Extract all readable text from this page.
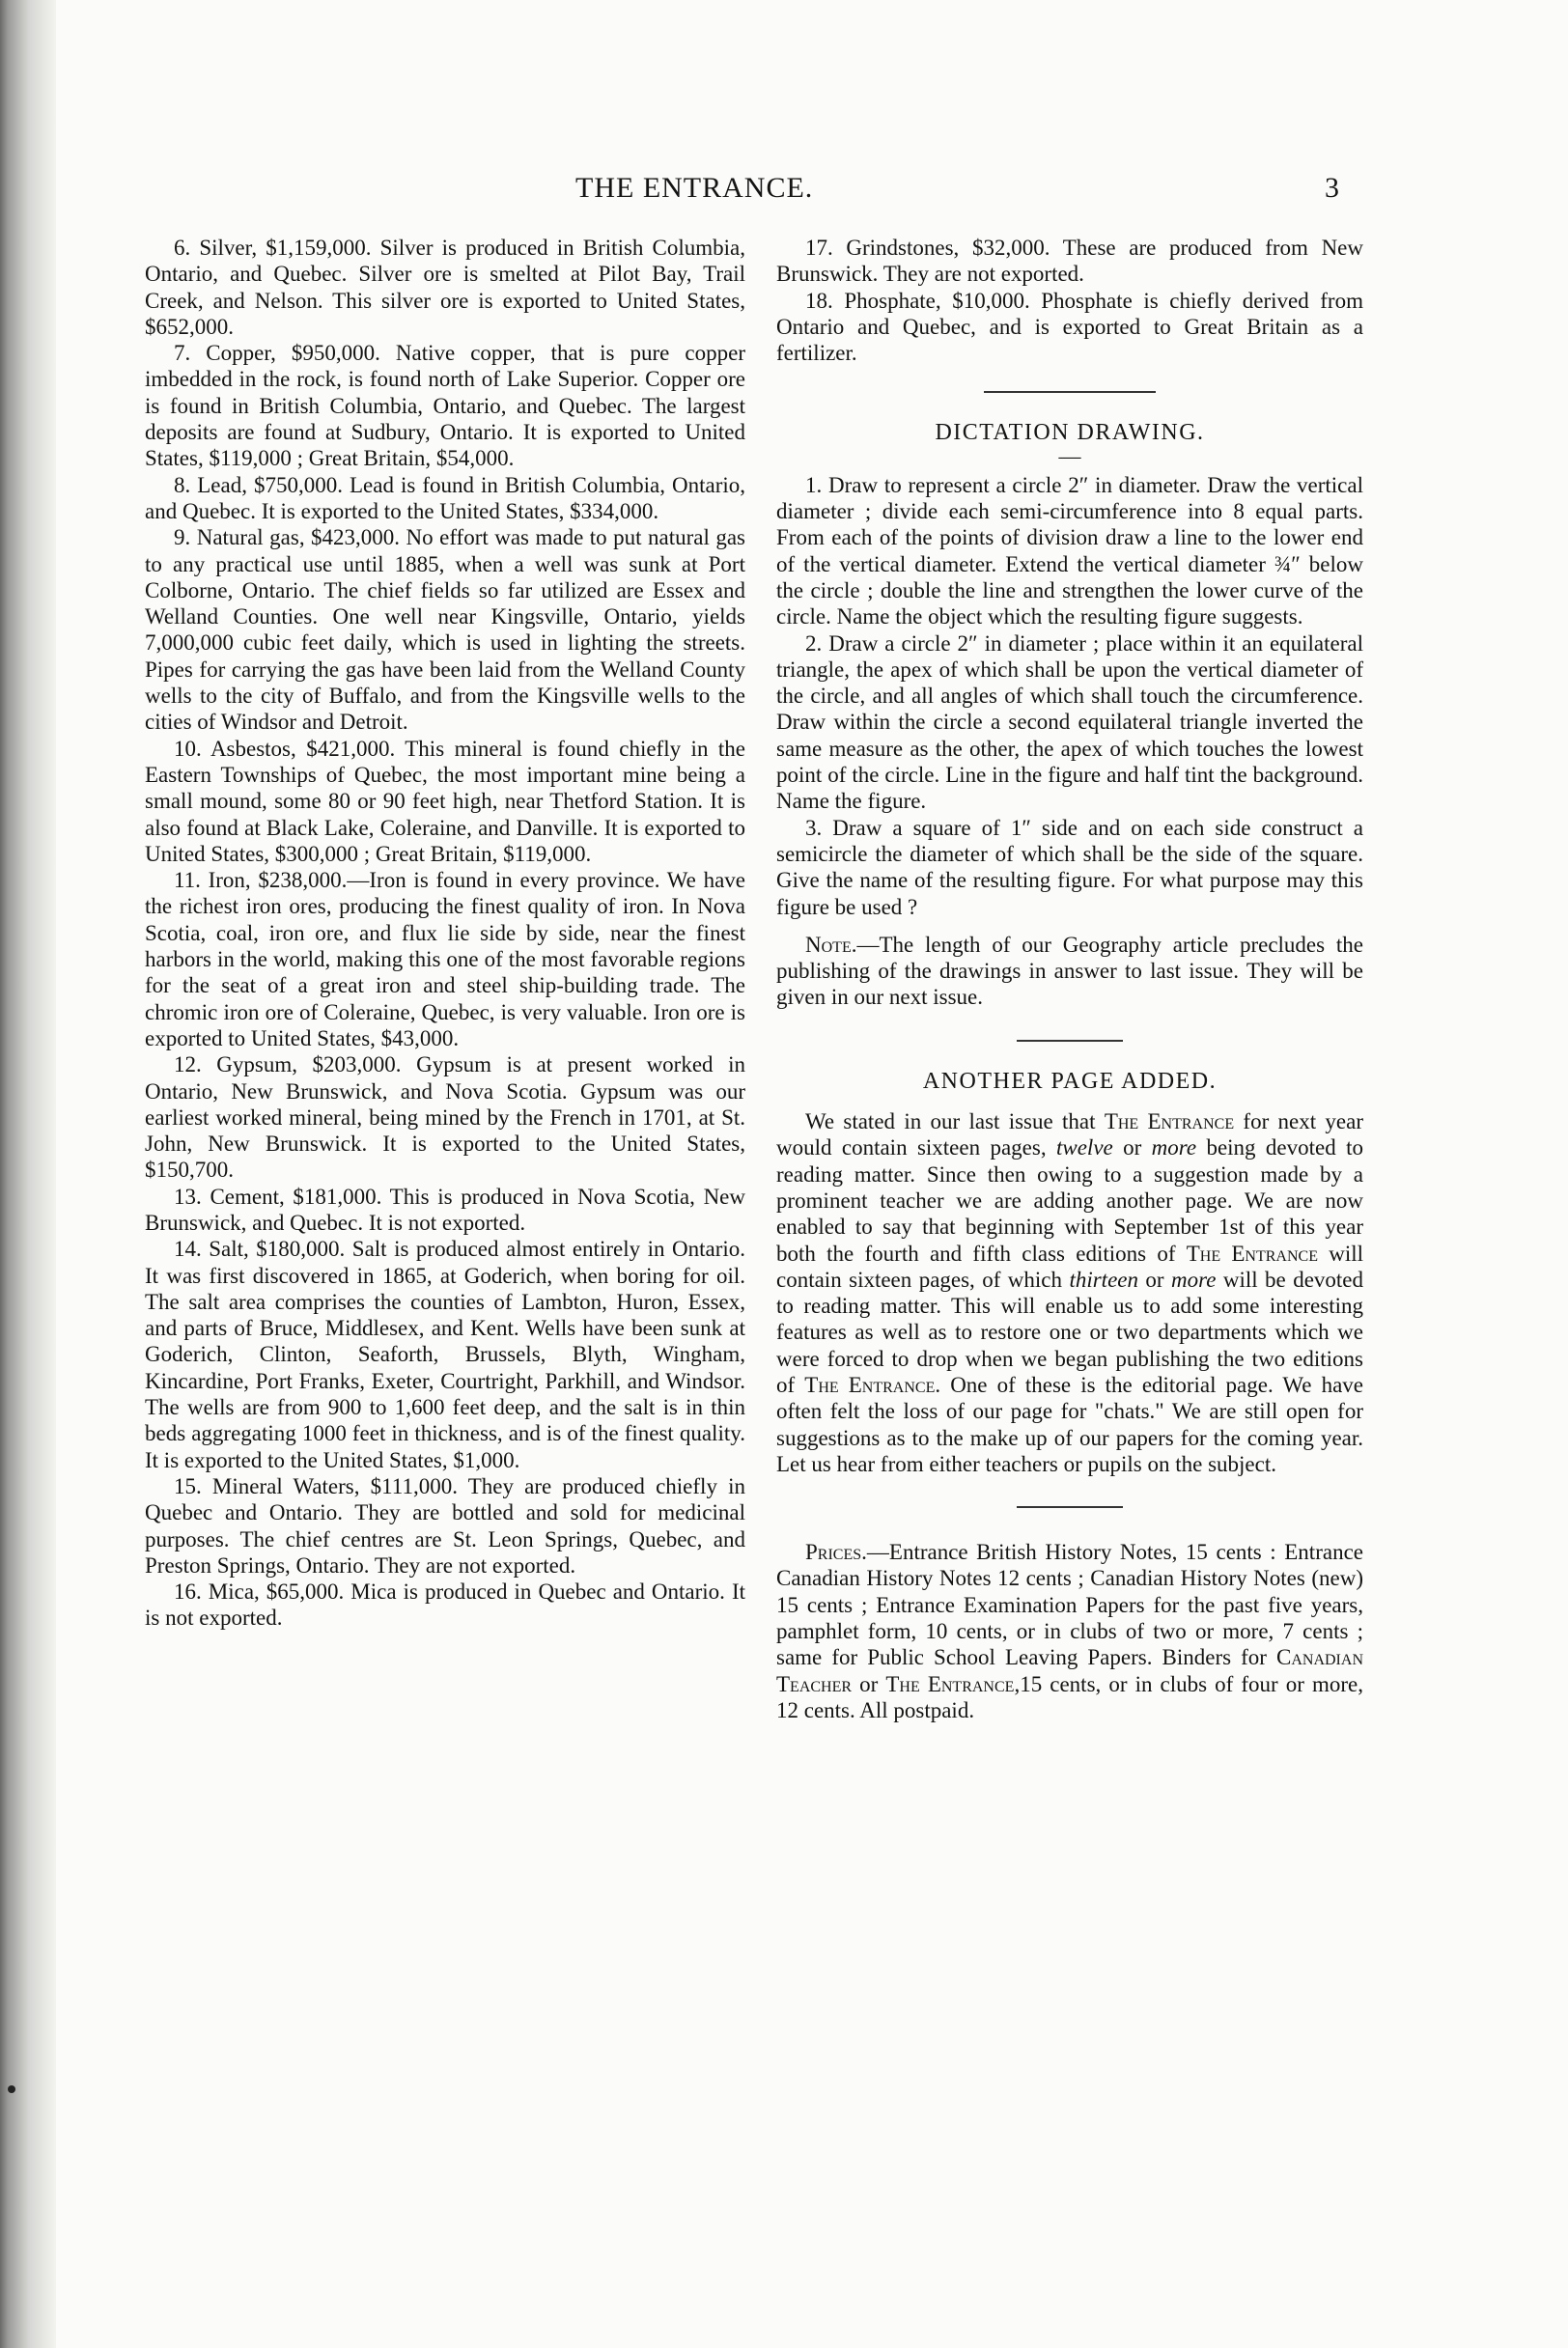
THE ENTRANCE.	3

6. Silver, $1,159,000. Silver is produced in British Columbia, Ontario, and Quebec. Silver ore is smelted at Pilot Bay, Trail Creek, and Nelson. This silver ore is exported to United States, $652,000.

7. Copper, $950,000. Native copper, that is pure copper imbedded in the rock, is found north of Lake Superior. Copper ore is found in British Columbia, Ontario, and Quebec. The largest deposits are found at Sudbury, Ontario. It is exported to United States, $119,000 ; Great Britain, $54,000.

8. Lead, $750,000. Lead is found in British Columbia, Ontario, and Quebec. It is exported to the United States, $334,000.

9. Natural gas, $423,000. No effort was made to put natural gas to any practical use until 1885, when a well was sunk at Port Colborne, Ontario. The chief fields so far utilized are Essex and Welland Counties. One well near Kingsville, Ontario, yields 7,000,000 cubic feet daily, which is used in lighting the streets. Pipes for carrying the gas have been laid from the Welland County wells to the city of Buffalo, and from the Kingsville wells to the cities of Windsor and Detroit.

10. Asbestos, $421,000. This mineral is found chiefly in the Eastern Townships of Quebec, the most important mine being a small mound, some 80 or 90 feet high, near Thetford Station. It is also found at Black Lake, Coleraine, and Danville. It is exported to United States, $300,000 ; Great Britain, $119,000.

11. Iron, $238,000.—Iron is found in every province. We have the richest iron ores, producing the finest quality of iron. In Nova Scotia, coal, iron ore, and flux lie side by side, near the finest harbors in the world, making this one of the most favorable regions for the seat of a great iron and steel ship-building trade. The chromic iron ore of Coleraine, Quebec, is very valuable. Iron ore is exported to United States, $43,000.

12. Gypsum, $203,000. Gypsum is at present worked in Ontario, New Brunswick, and Nova Scotia. Gypsum was our earliest worked mineral, being mined by the French in 1701, at St. John, New Brunswick. It is exported to the United States, $150,700.

13. Cement, $181,000. This is produced in Nova Scotia, New Brunswick, and Quebec. It is not exported.

14. Salt, $180,000. Salt is produced almost entirely in Ontario. It was first discovered in 1865, at Goderich, when boring for oil. The salt area comprises the counties of Lambton, Huron, Essex, and parts of Bruce, Middlesex, and Kent. Wells have been sunk at Goderich, Clinton, Seaforth, Brussels, Blyth, Wingham, Kincardine, Port Franks, Exeter, Courtright, Parkhill, and Windsor. The wells are from 900 to 1,600 feet deep, and the salt is in thin beds aggregating 1000 feet in thickness, and is of the finest quality. It is exported to the United States, $1,000.

15. Mineral Waters, $111,000. They are produced chiefly in Quebec and Ontario. They are bottled and sold for medicinal purposes. The chief centres are St. Leon Springs, Quebec, and Preston Springs, Ontario. They are not exported.

16. Mica, $65,000. Mica is produced in Quebec and Ontario. It is not exported.

17. Grindstones, $32,000. These are produced from New Brunswick. They are not exported.

18. Phosphate, $10,000. Phosphate is chiefly derived from Ontario and Quebec, and is exported to Great Britain as a fertilizer.

DICTATION DRAWING.
—

1. Draw to represent a circle 2″ in diameter. Draw the vertical diameter ; divide each semi-circumference into 8 equal parts. From each of the points of division draw a line to the lower end of the vertical diameter. Extend the vertical diameter ¾″ below the circle ; double the line and strengthen the lower curve of the circle. Name the object which the resulting figure suggests.

2. Draw a circle 2″ in diameter ; place within it an equilateral triangle, the apex of which shall be upon the vertical diameter of the circle, and all angles of which shall touch the circumference. Draw within the circle a second equilateral triangle inverted the same measure as the other, the apex of which touches the lowest point of the circle. Line in the figure and half tint the background. Name the figure.

3. Draw a square of 1″ side and on each side construct a semicircle the diameter of which shall be the side of the square. Give the name of the resulting figure. For what purpose may this figure be used ?

Note.—The length of our Geography article precludes the publishing of the drawings in answer to last issue. They will be given in our next issue.

ANOTHER PAGE ADDED.

We stated in our last issue that The Entrance for next year would contain sixteen pages, twelve or more being devoted to reading matter. Since then owing to a suggestion made by a prominent teacher we are adding another page. We are now enabled to say that beginning with September 1st of this year both the fourth and fifth class editions of The Entrance will contain sixteen pages, of which thirteen or more will be devoted to reading matter. This will enable us to add some interesting features as well as to restore one or two departments which we were forced to drop when we began publishing the two editions of The Entrance. One of these is the editorial page. We have often felt the loss of our page for "chats." We are still open for suggestions as to the make up of our papers for the coming year. Let us hear from either teachers or pupils on the subject.

Prices.—Entrance British History Notes, 15 cents : Entrance Canadian History Notes 12 cents ; Canadian History Notes (new) 15 cents ; Entrance Examination Papers for the past five years, pamphlet form, 10 cents, or in clubs of two or more, 7 cents ; same for Public School Leaving Papers. Binders for Canadian Teacher or The Entrance,15 cents, or in clubs of four or more, 12 cents. All postpaid.
